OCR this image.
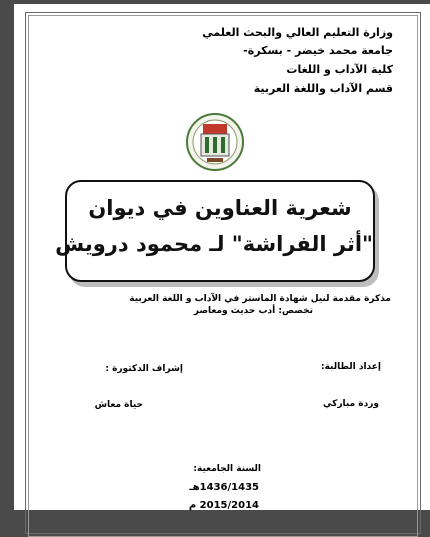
وزارة التعليم العالي والبحث العلمي
جامعة محمد خيضر - بسكرة-
كلية الآداب و اللغات
قسم الآداب واللغة العربية
شعرية العناوين في ديوان
"أثر الفراشة" لـ محمود درويش
مذكرة مقدمة لنيل شهادة الماستر في الآداب و اللغة العربية
تخصص: أدب حديث ومعاصر
إعداد الطالبة:
إشراف الدكتورة :
وردة مباركي
حياة معاش
السنة الجامعية:
1436/1435هـ
2015/2014 م
